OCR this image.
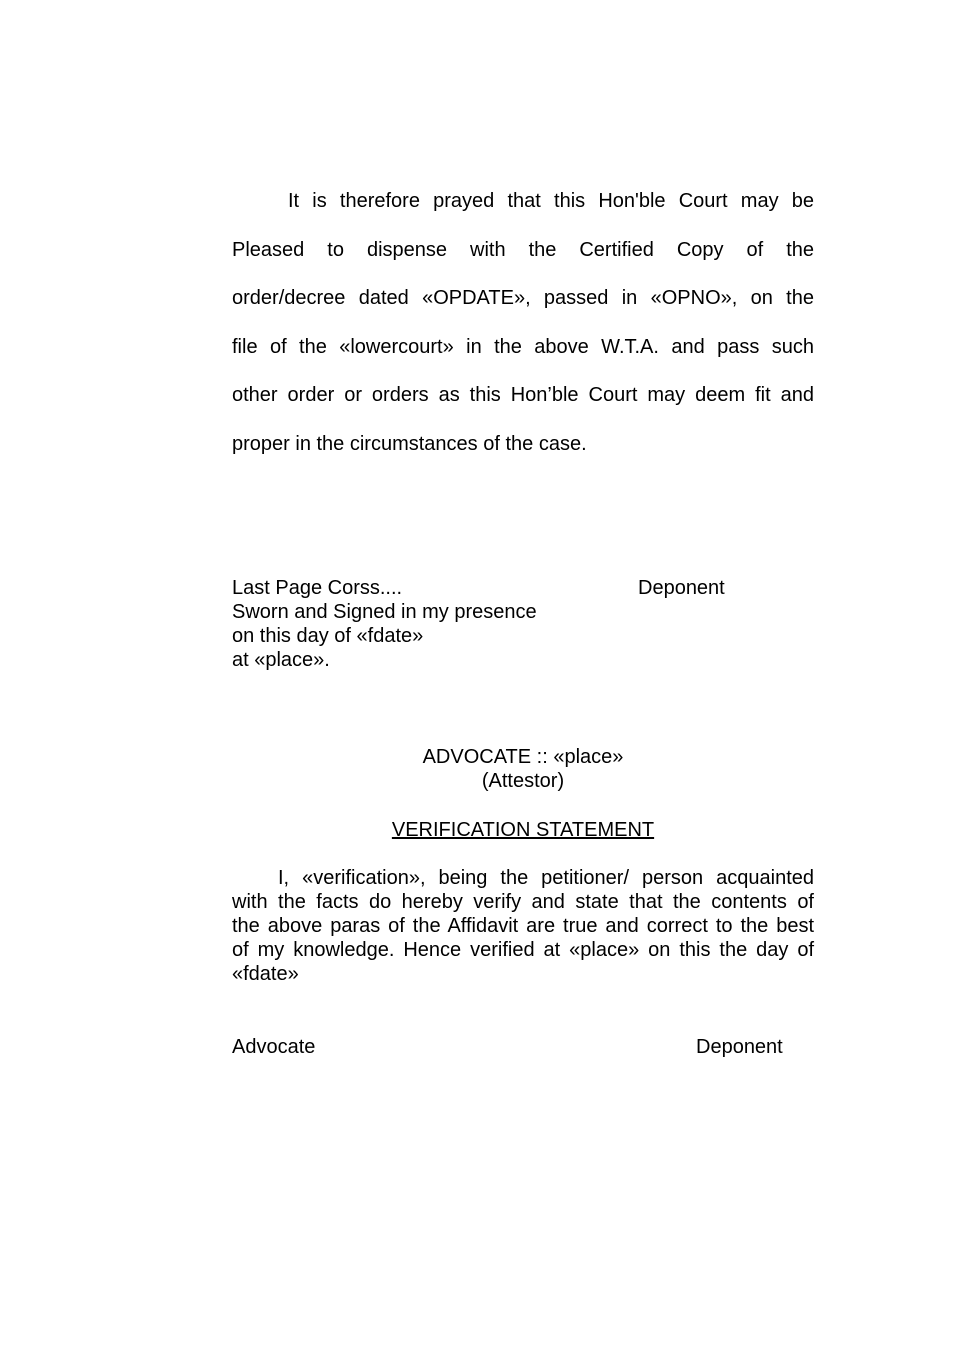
It is therefore prayed that this Hon'ble Court may be
Pleased to dispense with the Certified Copy of the
order/decree dated «OPDATE», passed in «OPNO», on the
file of the «lowercourt» in the above W.T.A. and pass such
other order or orders as this Hon’ble Court may deem fit and
proper in the circumstances of the case.
Last Page Corss....
Sworn and Signed in my presence
on this day of «fdate»
at «place».
Deponent
ADVOCATE :: «place»
(Attestor)
VERIFICATION STATEMENT
I, «verification», being the petitioner/ person acquainted
with the facts do hereby verify and state that the contents of
the above paras of the Affidavit are true and correct to the best
of my knowledge. Hence verified at «place» on this the day of
«fdate»
Advocate	Deponent
